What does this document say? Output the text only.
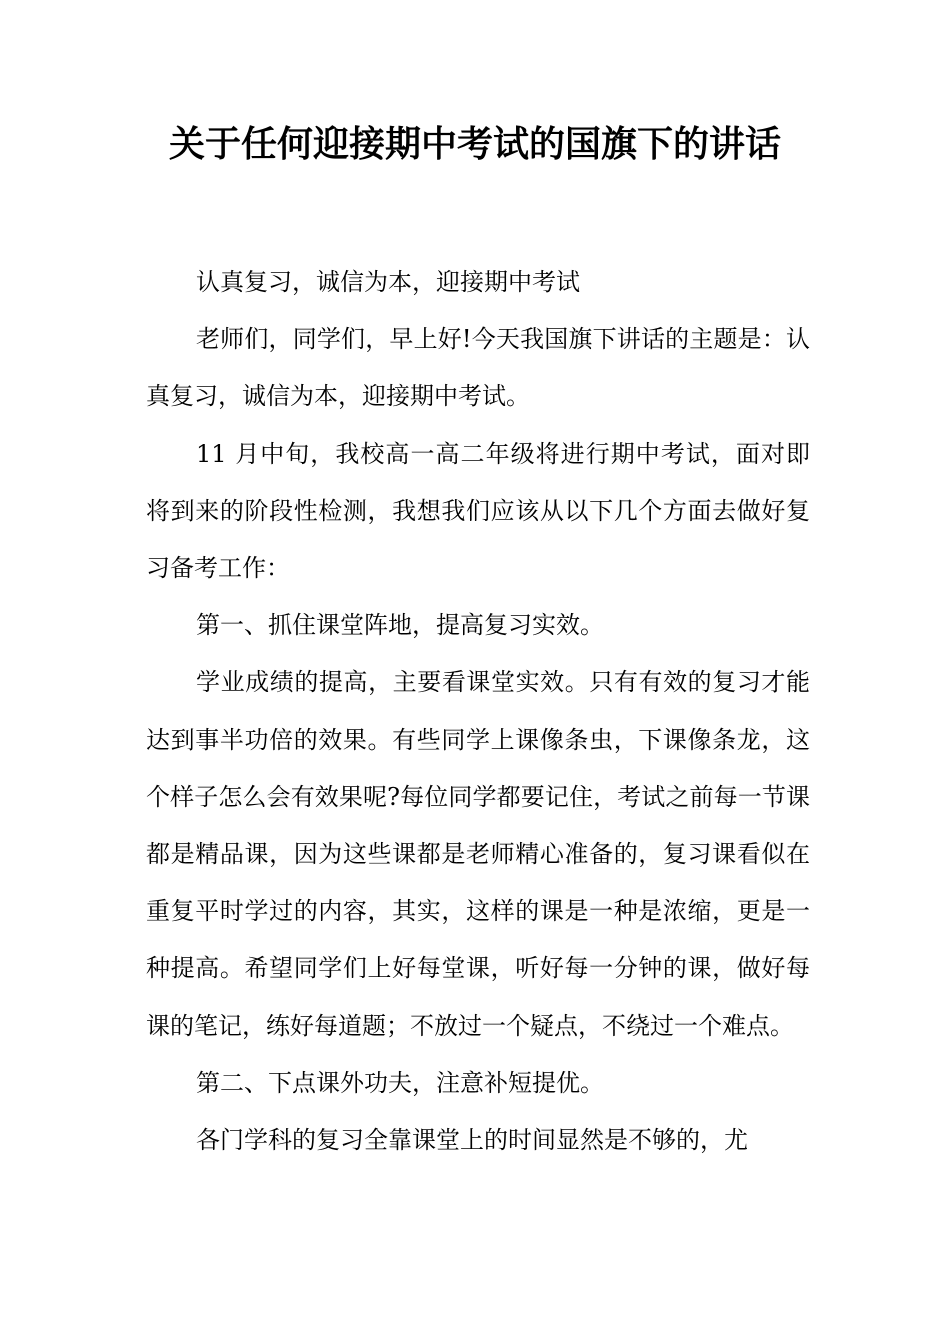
关于任何迎接期中考试的国旗下的讲话

认真复习，诚信为本，迎接期中考试

老师们，同学们，早上好!今天我国旗下讲话的主题是：认真复习，诚信为本，迎接期中考试。

11 月中旬，我校高一高二年级将进行期中考试，面对即将到来的阶段性检测，我想我们应该从以下几个方面去做好复习备考工作：

第一、抓住课堂阵地，提高复习实效。

学业成绩的提高，主要看课堂实效。只有有效的复习才能达到事半功倍的效果。有些同学上课像条虫，下课像条龙，这个样子怎么会有效果呢?每位同学都要记住，考试之前每一节课都是精品课，因为这些课都是老师精心准备的，复习课看似在重复平时学过的内容，其实，这样的课是一种是浓缩，更是一种提高。希望同学们上好每堂课，听好每一分钟的课，做好每课的笔记，练好每道题；不放过一个疑点，不绕过一个难点。

第二、下点课外功夫，注意补短提优。

各门学科的复习全靠课堂上的时间显然是不够的，尤
